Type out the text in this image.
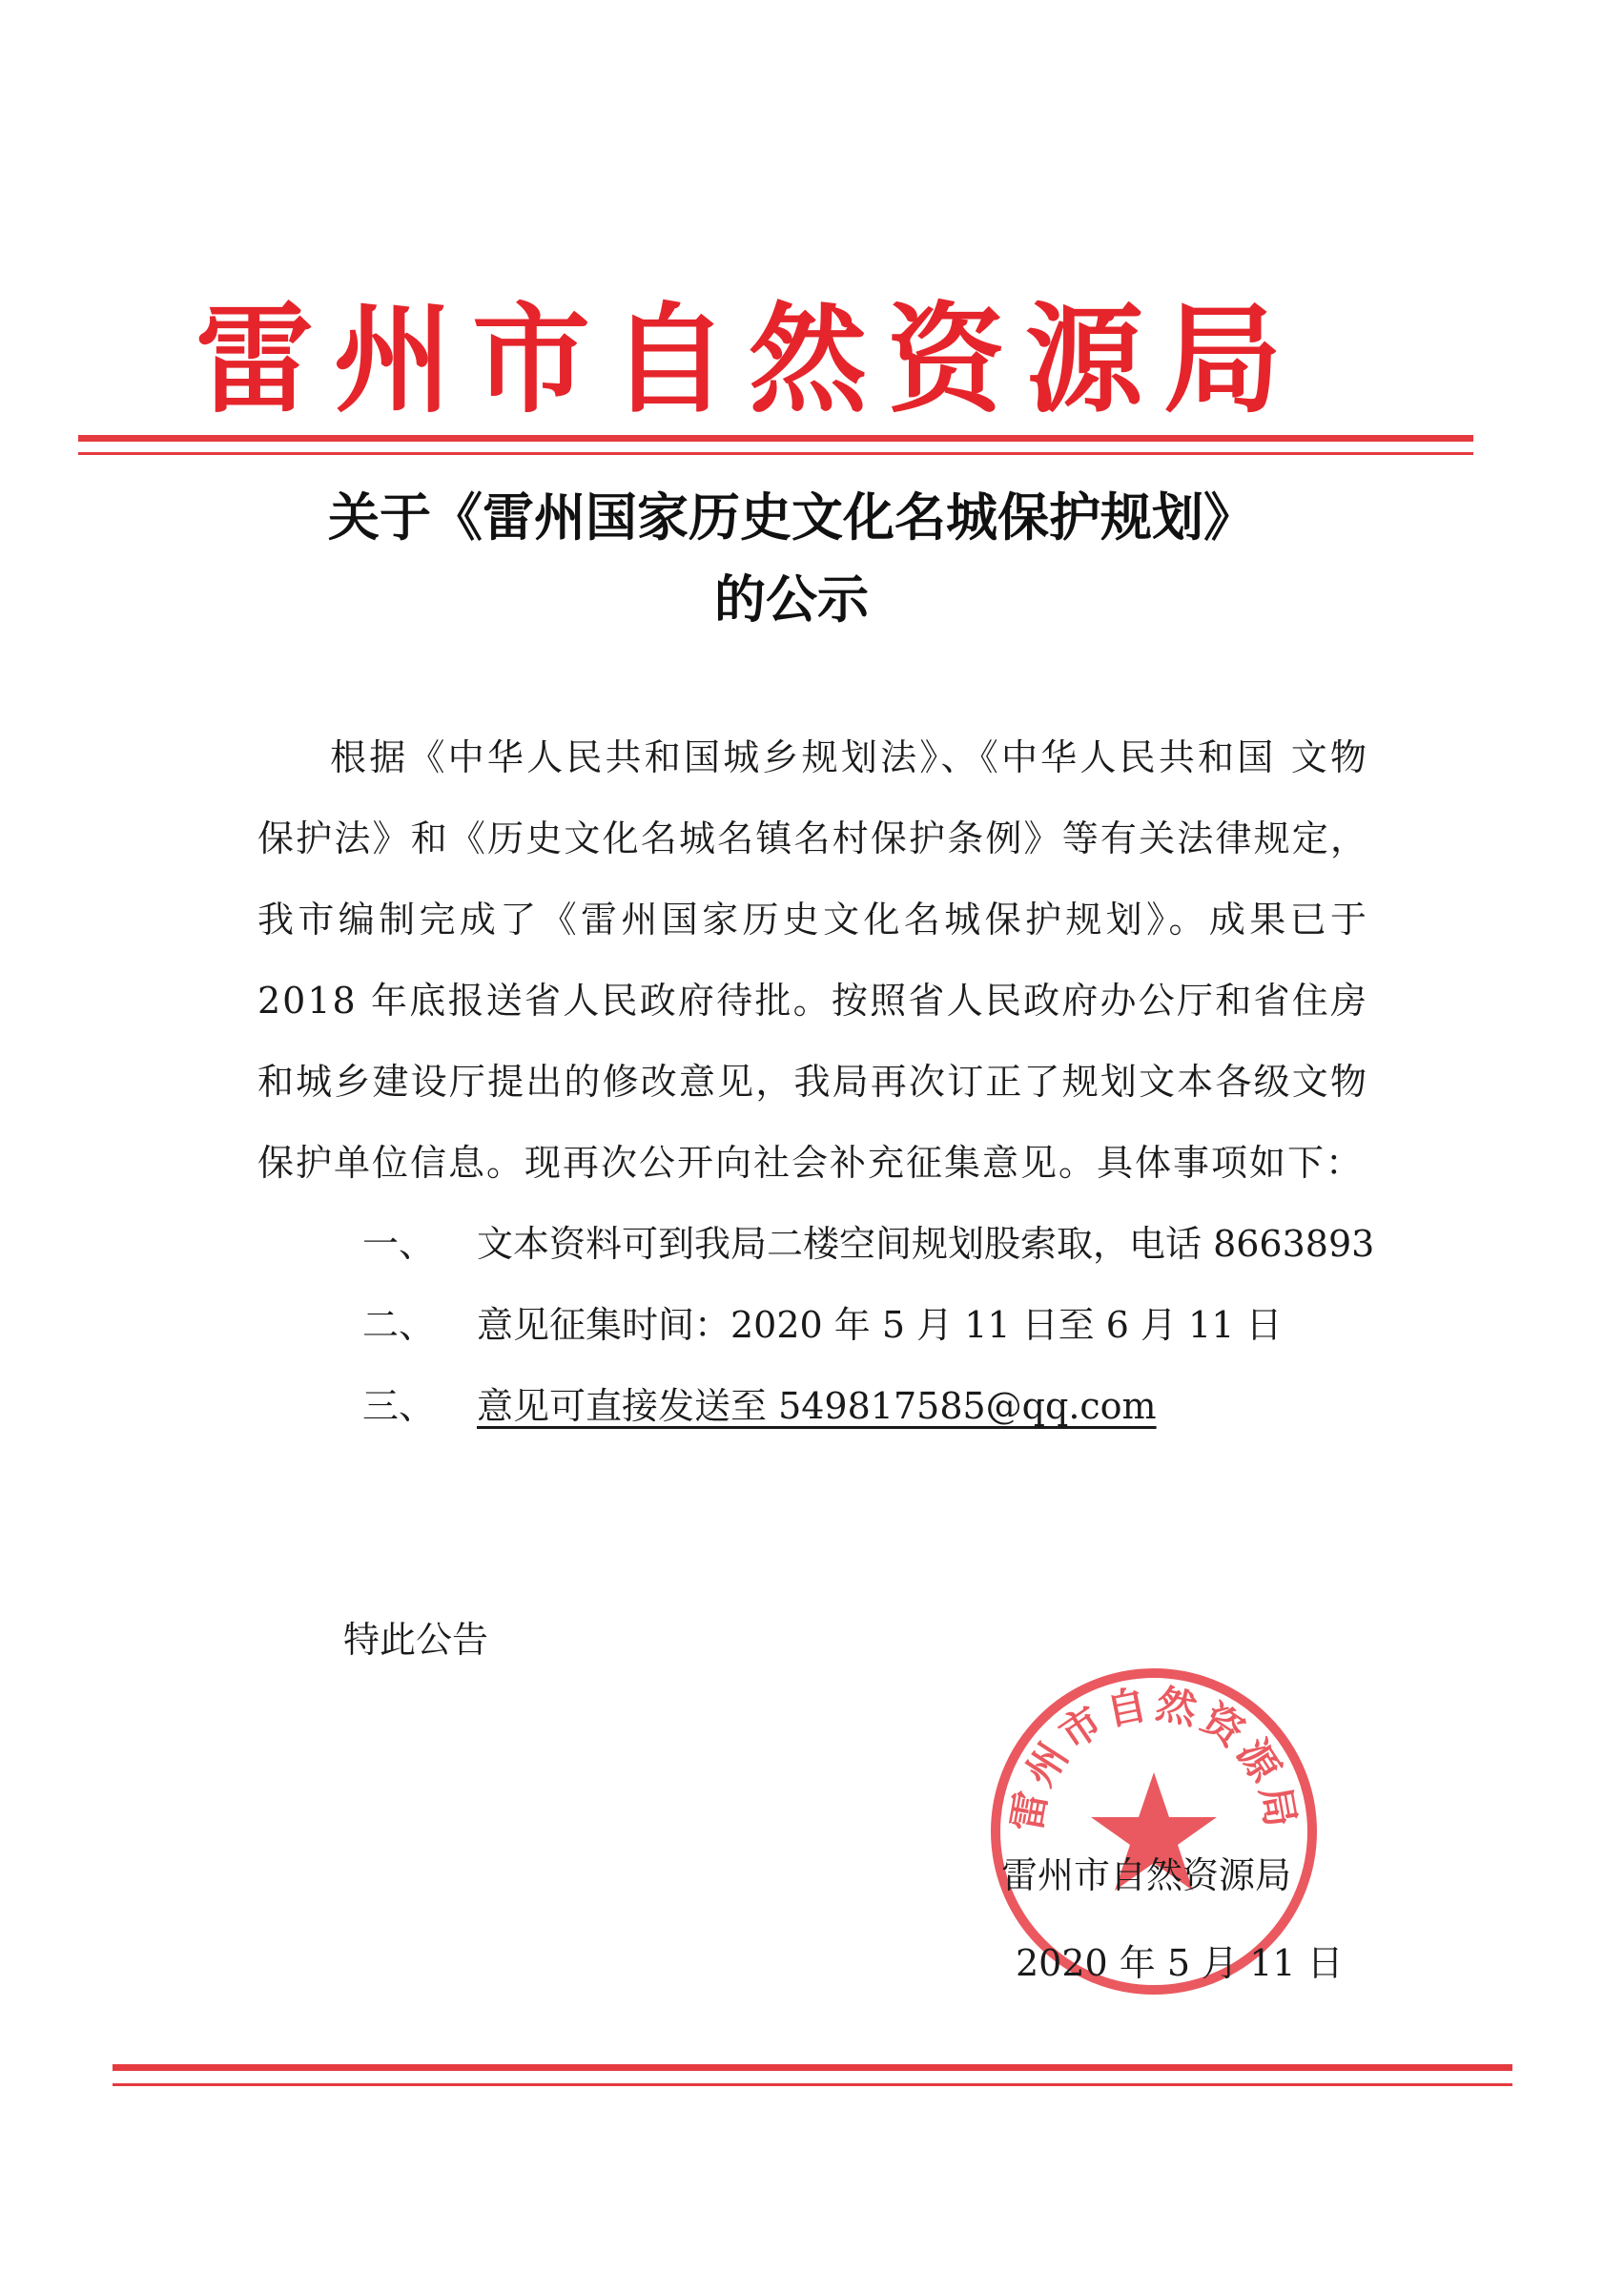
雷州市自然资源局
关于《雷州国家历史文化名城保护规划》
的公示

根据《中华人民共和国城乡规划法》、《中华人民共和国 文物保护法》和《历史文化名城名镇名村保护条例》等有关法律规定，我市编制完成了《雷州国家历史文化名城保护规划》。成果已于 2018 年底报送省人民政府待批。按照省人民政府办公厅和省住房和城乡建设厅提出的修改意见，我局再次订正了规划文本各级文物保护单位信息。现再次公开向社会补充征集意见。具体事项如下：

一、	文本资料可到我局二楼空间规划股索取，电话 8663893
二、	意见征集时间：2020 年 5 月 11 日至 6 月 11 日
三、	意见可直接发送至 549817585@qq.com
特此公告
雷州市自然资源局
雷州市自然资源局
2020 年 5 月 11 日
